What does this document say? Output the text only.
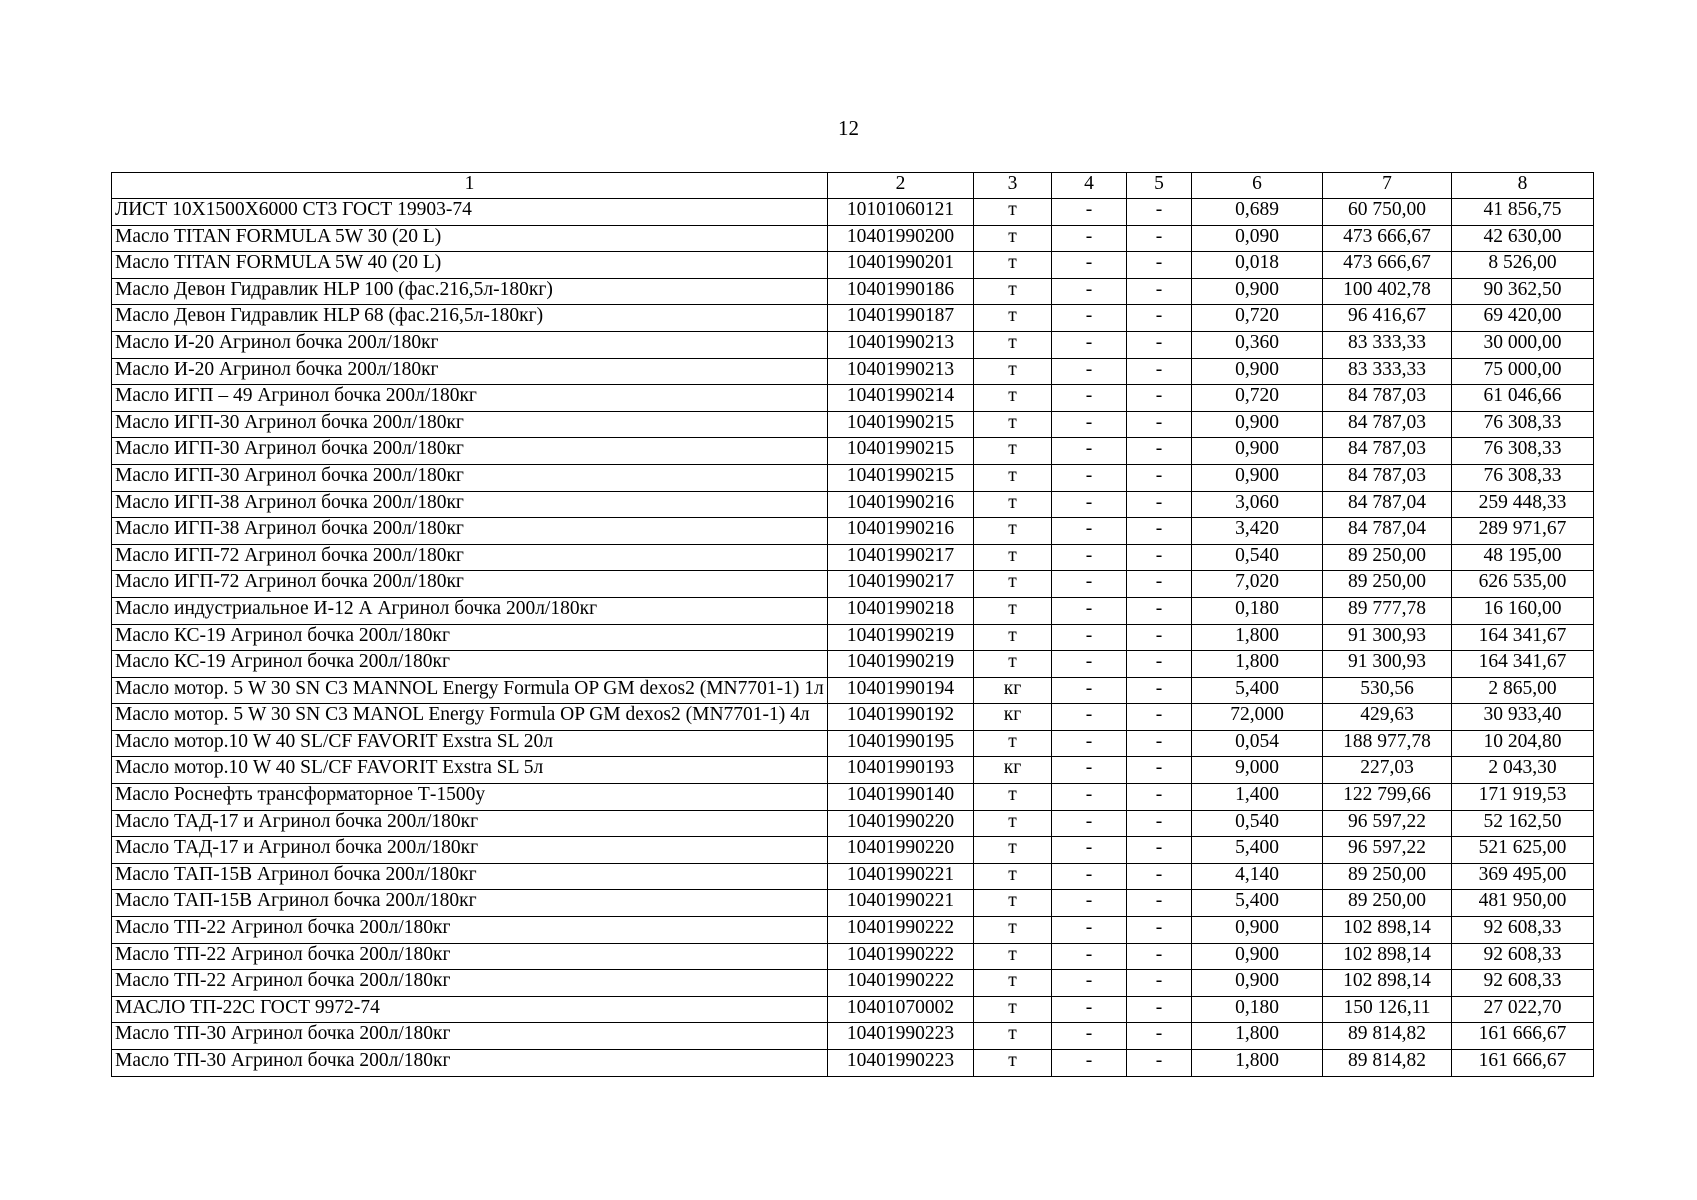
12
1	2	3	4	5	6	7	8
ЛИСТ 10Х1500Х6000 СТ3 ГОСТ 19903-74	10101060121	т	-	-	0,689	60 750,00	41 856,75
Масло TITAN FORMULA 5W 30 (20 L)	10401990200	т	-	-	0,090	473 666,67	42 630,00
Масло TITAN FORMULA 5W 40 (20 L)	10401990201	т	-	-	0,018	473 666,67	8 526,00
Масло Девон Гидравлик HLP 100 (фас.216,5л-180кг)	10401990186	т	-	-	0,900	100 402,78	90 362,50
Масло Девон Гидравлик HLP 68 (фас.216,5л-180кг)	10401990187	т	-	-	0,720	96 416,67	69 420,00
Масло И-20 Агринол бочка 200л/180кг	10401990213	т	-	-	0,360	83 333,33	30 000,00
Масло И-20 Агринол бочка 200л/180кг	10401990213	т	-	-	0,900	83 333,33	75 000,00
Масло ИГП – 49 Агринол бочка 200л/180кг	10401990214	т	-	-	0,720	84 787,03	61 046,66
Масло ИГП-30 Агринол бочка 200л/180кг	10401990215	т	-	-	0,900	84 787,03	76 308,33
Масло ИГП-30 Агринол бочка 200л/180кг	10401990215	т	-	-	0,900	84 787,03	76 308,33
Масло ИГП-30 Агринол бочка 200л/180кг	10401990215	т	-	-	0,900	84 787,03	76 308,33
Масло ИГП-38 Агринол бочка 200л/180кг	10401990216	т	-	-	3,060	84 787,04	259 448,33
Масло ИГП-38 Агринол бочка 200л/180кг	10401990216	т	-	-	3,420	84 787,04	289 971,67
Масло ИГП-72 Агринол бочка 200л/180кг	10401990217	т	-	-	0,540	89 250,00	48 195,00
Масло ИГП-72 Агринол бочка 200л/180кг	10401990217	т	-	-	7,020	89 250,00	626 535,00
Масло индустриальное И-12 А Агринол бочка 200л/180кг	10401990218	т	-	-	0,180	89 777,78	16 160,00
Масло КС-19 Агринол бочка 200л/180кг	10401990219	т	-	-	1,800	91 300,93	164 341,67
Масло КС-19 Агринол бочка 200л/180кг	10401990219	т	-	-	1,800	91 300,93	164 341,67
Масло мотор. 5 W 30 SN C3 MANNOL Energy Formula OP GM dexos2 (MN7701-1) 1л	10401990194	кг	-	-	5,400	530,56	2 865,00
Масло мотор. 5 W 30 SN C3 MANOL Energy Formula OP GM dexos2 (MN7701-1) 4л	10401990192	кг	-	-	72,000	429,63	30 933,40
Масло мотор.10 W 40 SL/CF FAVORIT Exstra SL 20л	10401990195	т	-	-	0,054	188 977,78	10 204,80
Масло мотор.10 W 40 SL/CF FAVORIT Exstra SL 5л	10401990193	кг	-	-	9,000	227,03	2 043,30
Масло Роснефть трансформаторное Т-1500у	10401990140	т	-	-	1,400	122 799,66	171 919,53
Масло ТАД-17 и Агринол бочка 200л/180кг	10401990220	т	-	-	0,540	96 597,22	52 162,50
Масло ТАД-17 и Агринол бочка 200л/180кг	10401990220	т	-	-	5,400	96 597,22	521 625,00
Масло ТАП-15В Агринол бочка 200л/180кг	10401990221	т	-	-	4,140	89 250,00	369 495,00
Масло ТАП-15В Агринол бочка 200л/180кг	10401990221	т	-	-	5,400	89 250,00	481 950,00
Масло ТП-22 Агринол бочка 200л/180кг	10401990222	т	-	-	0,900	102 898,14	92 608,33
Масло ТП-22 Агринол бочка 200л/180кг	10401990222	т	-	-	0,900	102 898,14	92 608,33
Масло ТП-22 Агринол бочка 200л/180кг	10401990222	т	-	-	0,900	102 898,14	92 608,33
МАСЛО ТП-22С ГОСТ 9972-74	10401070002	т	-	-	0,180	150 126,11	27 022,70
Масло ТП-30 Агринол бочка 200л/180кг	10401990223	т	-	-	1,800	89 814,82	161 666,67
Масло ТП-30 Агринол бочка 200л/180кг	10401990223	т	-	-	1,800	89 814,82	161 666,67
